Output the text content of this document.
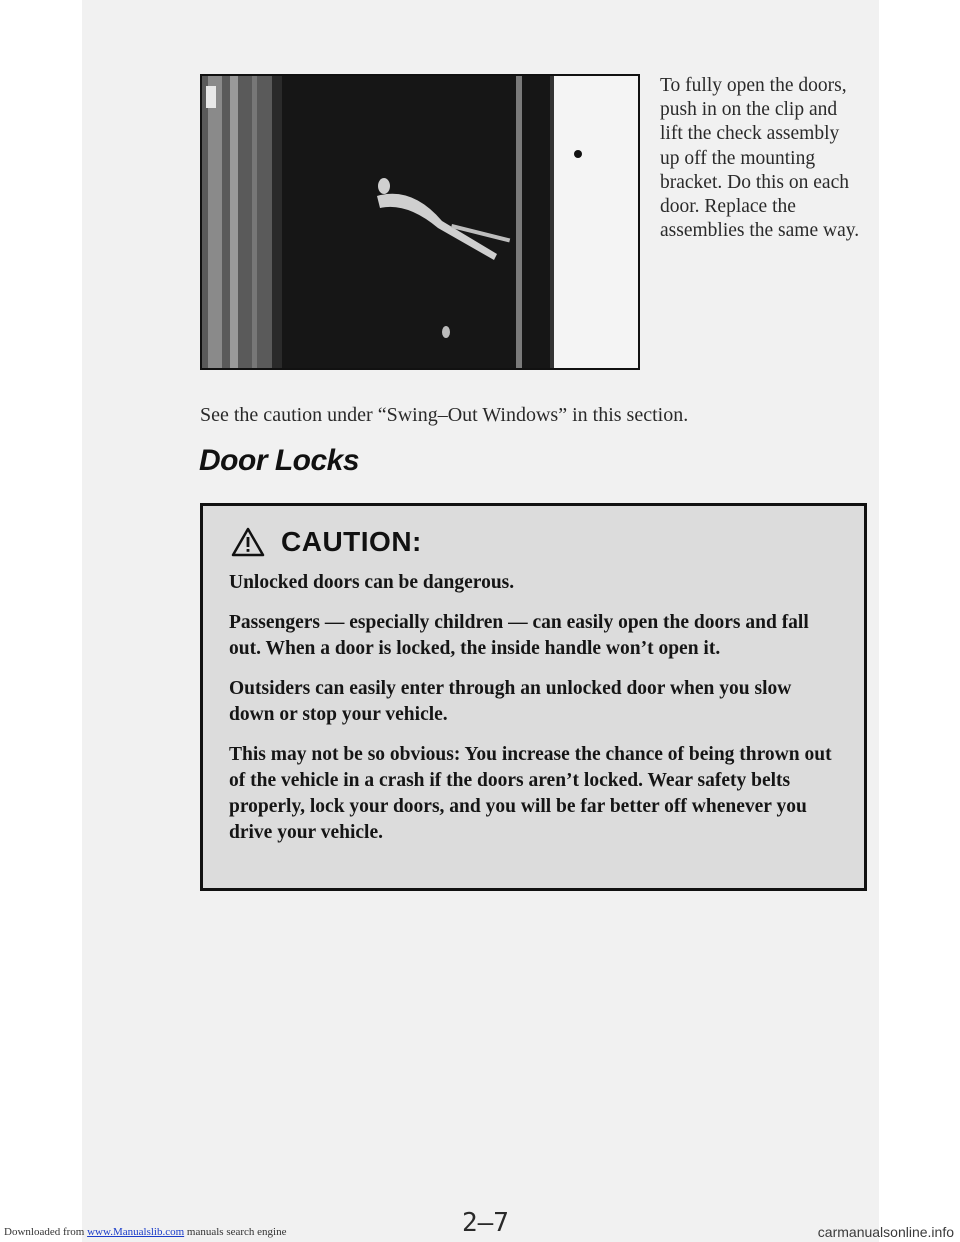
To fully open the doors, push in on the clip and lift the check assembly up off the mounting bracket. Do this on each door. Replace the assemblies the same way.

See the caution under “Swing–Out Windows” in this section.

Door Locks
CAUTION:

Unlocked doors can be dangerous.

Passengers — especially children — can easily open the doors and fall out. When a door is locked, the inside handle won’t open it.

Outsiders can easily enter through an unlocked door when you slow down or stop your vehicle.

This may not be so obvious: You increase the chance of being thrown out of the vehicle in a crash if the doors aren’t locked. Wear safety belts properly, lock your doors, and you will be far better off whenever you drive your vehicle.

2–7
Downloaded from www.Manualslib.com manuals search engine	carmanualsonline.info
